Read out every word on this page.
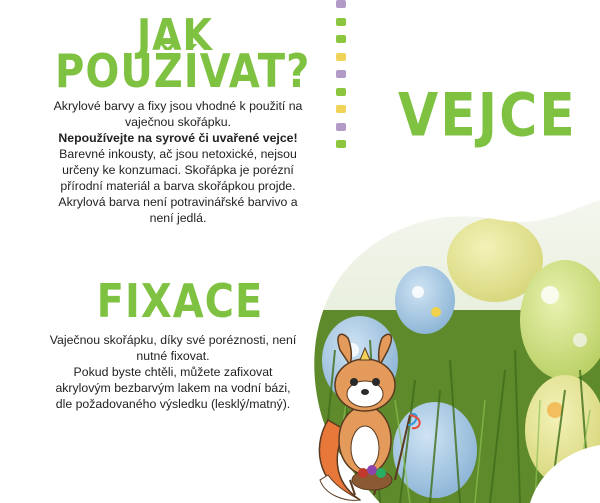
JAK
POUŽÍVAT?
VEJCE
FIXACE
Akrylové barvy a fixy jsou vhodné k použití na
vaječnou skořápku.
Nepoužívejte na syrové či uvařené vejce!
Barevné inkousty, ač jsou netoxické, nejsou
určeny ke konzumaci. Skořápka je porézní
přírodní materiál a barva skořápkou projde.
Akrylová barva není potravinářské barvivo a
není jedlá.
Vaječnou skořápku, díky své poréznosti, není
nutné fixovat.
Pokud byste chtěli, můžete zafixovat
akrylovým bezbarvým lakem na vodní bázi,
dle požadovaného výsledku (lesklý/matný).
